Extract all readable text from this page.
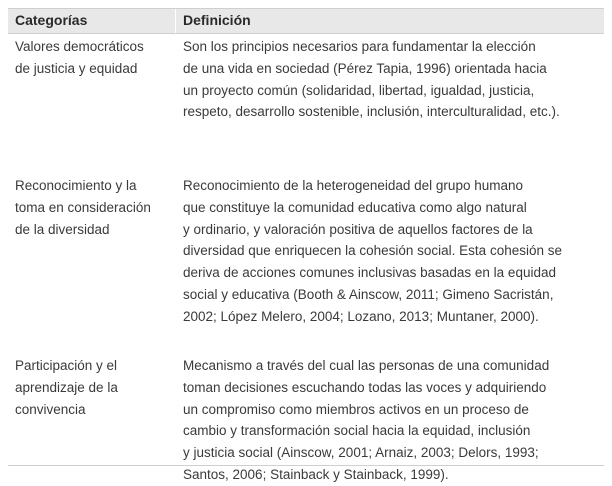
Categorías	Definición
Valores democráticos
de justicia y equidad
Son los principios necesarios para fundamentar la elección
de una vida en sociedad (Pérez Tapia, 1996) orientada hacia
un proyecto común (solidaridad, libertad, igualdad, justicia,
respeto, desarrollo sostenible, inclusión, interculturalidad, etc.).
Reconocimiento y la
toma en consideración
de la diversidad
Reconocimiento de la heterogeneidad del grupo humano
que constituye la comunidad educativa como algo natural
y ordinario, y valoración positiva de aquellos factores de la
diversidad que enriquecen la cohesión social. Esta cohesión se
deriva de acciones comunes inclusivas basadas en la equidad
social y educativa (Booth & Ainscow, 2011; Gimeno Sacristán,
2002; López Melero, 2004; Lozano, 2013; Muntaner, 2000).
Participación y el
aprendizaje de la
convivencia
Mecanismo a través del cual las personas de una comunidad
toman decisiones escuchando todas las voces y adquiriendo
un compromiso como miembros activos en un proceso de
cambio y transformación social hacia la equidad, inclusión
y justicia social (Ainscow, 2001; Arnaiz, 2003; Delors, 1993;
Santos, 2006; Stainback y Stainback, 1999).
